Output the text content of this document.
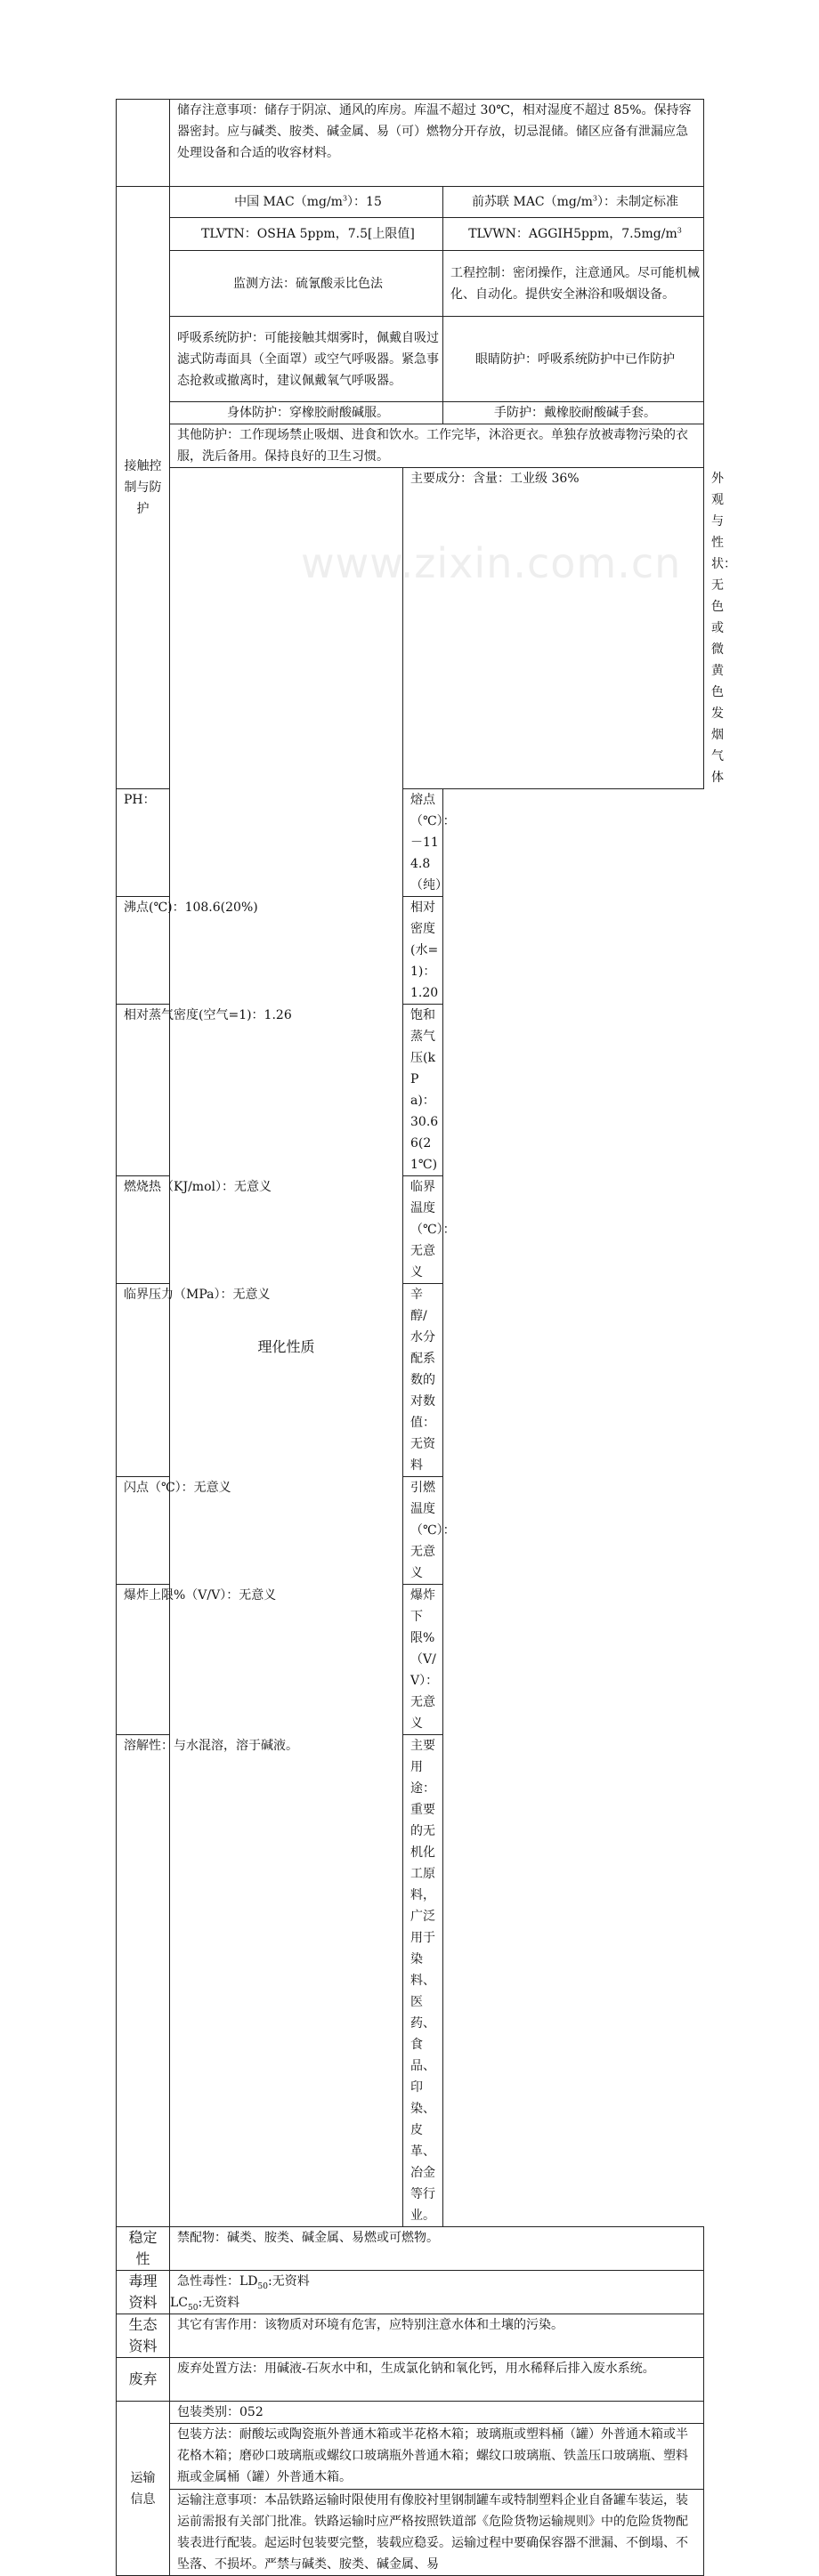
	储存注意事项：储存于阴凉、通风的库房。库温不超过 30℃，相对湿度不超过 85%。保持容器密封。应与碱类、胺类、碱金属、易（可）燃物分开存放，切忌混储。储区应备有泄漏应急处理设备和合适的收容材料。			
接触控制与防护	中国 $MAC(mg/m^3)$：15		前苏联 $MAC(mg/m^3)$：未制定标准	
	TLVTN：OSHA 5ppm，7.5[上限值]		TLVWN：AGGIH5ppm，$7.5mg/m^3$
	监测方法：硫氰酸汞比色法		工程控制：密闭操作，注意通风。尽可能机械化、自动化。提供安全淋浴和吸烟设备。	
	呼吸系统防护：可能接触其烟雾时，佩戴自吸过滤式防毒面具（全面罩）或空气呼吸器。紧急事态抢救或撤离时，建议佩戴氧气呼吸器。		眼睛防护：呼吸系统防护中已作防护	
	身体防护：穿橡胶耐酸碱服。		手防护：戴橡胶耐酸碱手套。	
	其他防护：工作现场禁止吸烟、进食和饮水。工作完毕，沐浴更衣。单独存放被毒物污染的衣服，洗后备用。保持良好的卫生习惯。			
	理化性质	主要成分：含量：工业级 36%		外观与性状：无色或微黄色发烟气体
PH：		熔点（℃）：－114.8（纯）		
沸点(℃)：108.6(20%)		相对密度(水=1)：1.20		
相对蒸气密度(空气=1)：1.26		饱和蒸气压(kPa)：30.66(21℃)		
燃烧热（KJ/mol）：无意义		临界温度（℃）：无意义		
临界压力（MPa）：无意义		辛醇/水分配系数的对数值：无资料		
闪点（℃）：无意义		引燃温度（℃）：无意义		
爆炸上限%（V/V）：无意义		爆炸下限%（V/V）：无意义		
溶解性：与水混溶，溶于碱液。		主要用途：重要的无机化工原料，广泛用于染料、医药、食品、印染、皮革、冶金等行业。		
稳定性	禁配物：碱类、胺类、碱金属、易燃或可燃物。			
毒理资料	急性毒性：$LD_{50}$:无资料
$LC_{50}$:无资料			

生态资料	其它有害作用：该物质对环境有危害，应特别注意水体和土壤的污染。			
废弃	废弃处置方法：用碱液-石灰水中和，生成氯化钠和氧化钙，用水稀释后排入废水系统。			
运输信息	包装类别：052			
	包装方法：耐酸坛或陶瓷瓶外普通木箱或半花格木箱；玻璃瓶或塑料桶（罐）外普通木箱或半花格木箱；磨砂口玻璃瓶或螺纹口玻璃瓶外普通木箱；螺纹口玻璃瓶、铁盖压口玻璃瓶、塑料瓶或金属桶（罐）外普通木箱。			
	运输注意事项：本品铁路运输时限使用有像胶衬里钢制罐车或特制塑料企业自备罐车装运，装运前需报有关部门批准。铁路运输时应严格按照铁道部《危险货物运输规则》中的危险货物配装表进行配装。起运时包装要完整，装载应稳妥。运输过程中要确保容器不泄漏、不倒塌、不坠落、不损坏。严禁与碱类、胺类、碱金属、易			
www.zixin.com.cn
